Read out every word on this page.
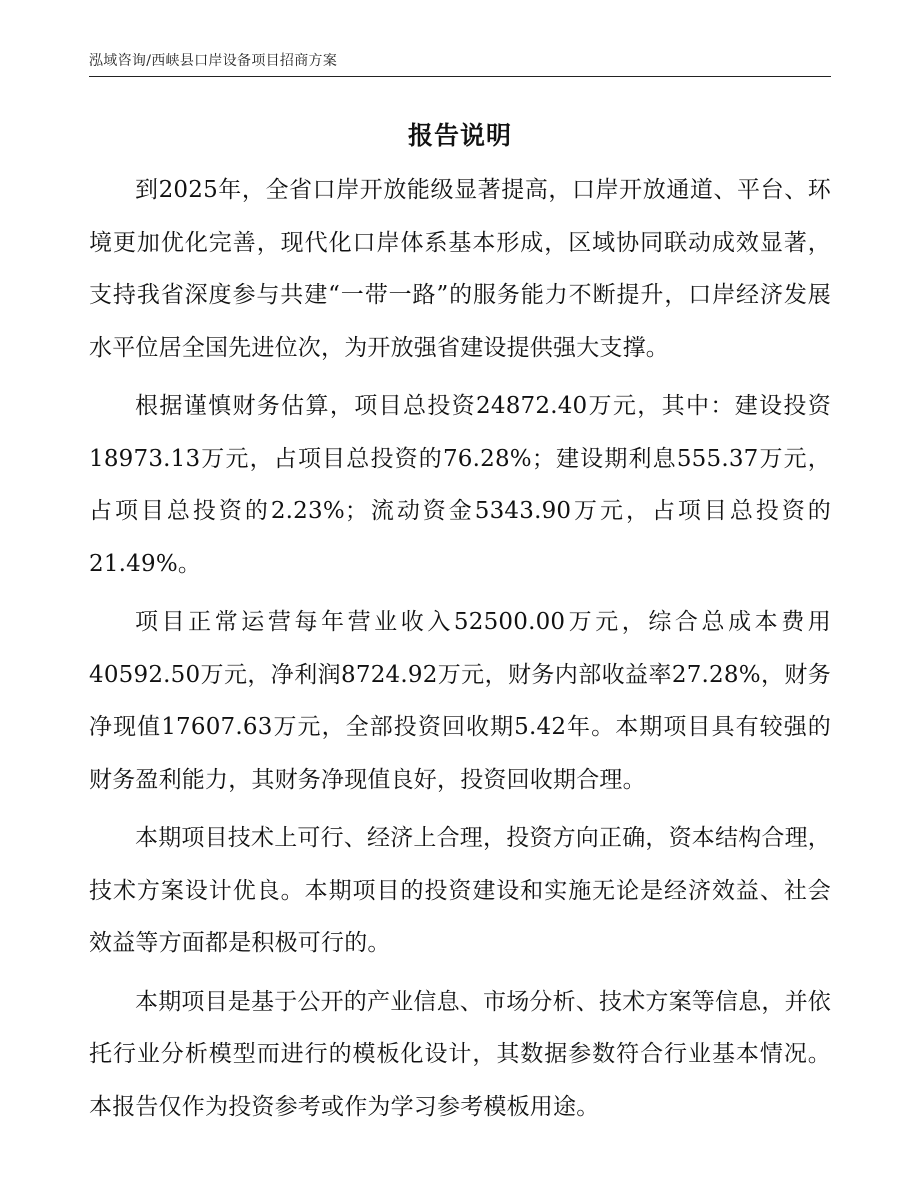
泓域咨询/西峡县口岸设备项目招商方案
报告说明

到2025年，全省口岸开放能级显著提高，口岸开放通道、平台、环境更加优化完善，现代化口岸体系基本形成，区域协同联动成效显著，支持我省深度参与共建“一带一路”的服务能力不断提升，口岸经济发展水平位居全国先进位次，为开放强省建设提供强大支撑。

根据谨慎财务估算，项目总投资24872.40万元，其中：建设投资18973.13万元，占项目总投资的76.28%；建设期利息555.37万元，占项目总投资的2.23%；流动资金5343.90万元，占项目总投资的21.49%。

项目正常运营每年营业收入52500.00万元，综合总成本费用40592.50万元，净利润8724.92万元，财务内部收益率27.28%，财务净现值17607.63万元，全部投资回收期5.42年。本期项目具有较强的财务盈利能力，其财务净现值良好，投资回收期合理。

本期项目技术上可行、经济上合理，投资方向正确，资本结构合理，技术方案设计优良。本期项目的投资建设和实施无论是经济效益、社会效益等方面都是积极可行的。

本期项目是基于公开的产业信息、市场分析、技术方案等信息，并依托行业分析模型而进行的模板化设计，其数据参数符合行业基本情况。本报告仅作为投资参考或作为学习参考模板用途。
